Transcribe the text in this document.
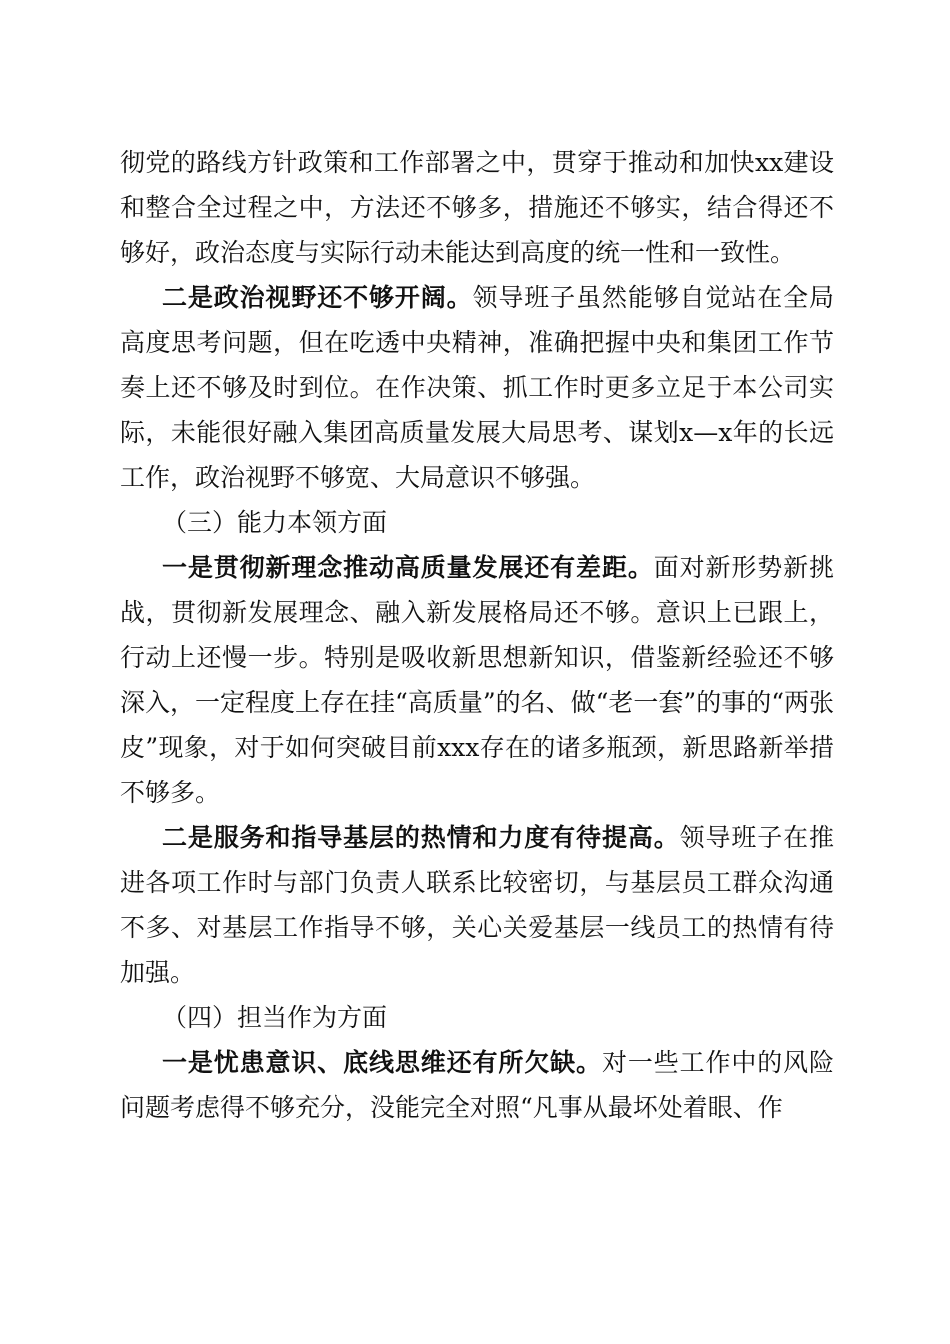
彻党的路线方针政策和工作部署之中，贯穿于推动和加快xx建设和整合全过程之中，方法还不够多，措施还不够实，结合得还不够好，政治态度与实际行动未能达到高度的统一性和一致性。

二是政治视野还不够开阔。领导班子虽然能够自觉站在全局高度思考问题，但在吃透中央精神，准确把握中央和集团工作节奏上还不够及时到位。在作决策、抓工作时更多立足于本公司实际，未能很好融入集团高质量发展大局思考、谋划x—x年的长远工作，政治视野不够宽、大局意识不够强。

（三）能力本领方面

一是贯彻新理念推动高质量发展还有差距。面对新形势新挑战，贯彻新发展理念、融入新发展格局还不够。意识上已跟上，行动上还慢一步。特别是吸收新思想新知识，借鉴新经验还不够深入，一定程度上存在挂“高质量”的名、做“老一套”的事的“两张皮”现象，对于如何突破目前xxx存在的诸多瓶颈，新思路新举措不够多。

二是服务和指导基层的热情和力度有待提高。领导班子在推进各项工作时与部门负责人联系比较密切，与基层员工群众沟通不多、对基层工作指导不够，关心关爱基层一线员工的热情有待加强。

（四）担当作为方面

一是忧患意识、底线思维还有所欠缺。对一些工作中的风险问题考虑得不够充分，没能完全对照“凡事从最坏处着眼、作
